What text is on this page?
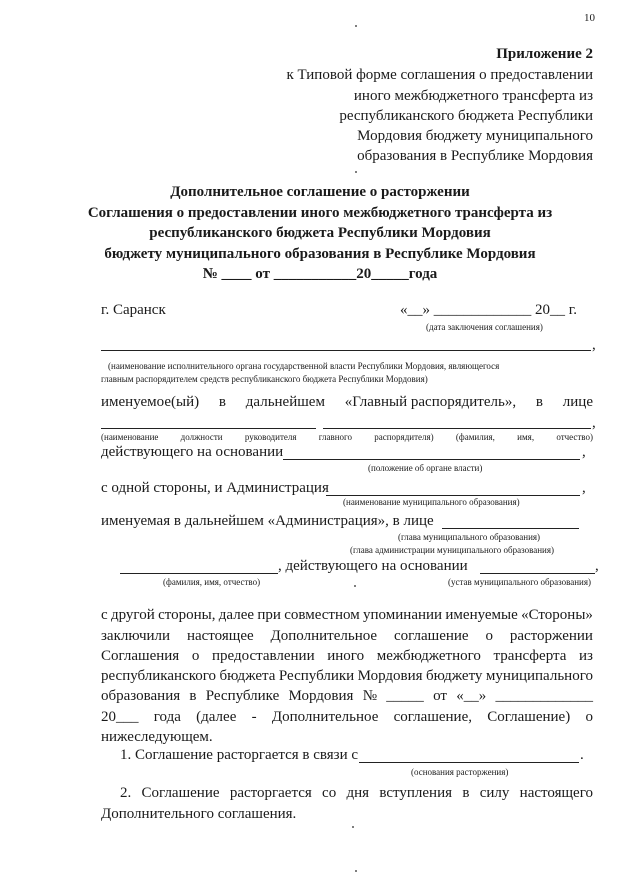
10
Приложение 2
к Типовой форме соглашения о предоставлении
иного межбюджетного трансферта из
республиканского бюджета Республики
Мордовия бюджету муниципального
образования в Республике Мордовия
Дополнительное соглашение о расторжении
Соглашения о предоставлении иного межбюджетного трансферта из
республиканского бюджета Республики Мордовия
бюджету муниципального образования в Республике Мордовия
№ ____ от ___________20_____года
г. Саранск	«__» _____________ 20__ г.
(дата заключения соглашения)
,
(наименование исполнительного органа государственной власти Республики Мордовия, являющегося
главным распорядителем средств республиканского бюджета Республики Мордовия)
именуемое(ый) в дальнейшем «Главный распорядитель», в лице
,
(наименование должности руководителя главного распорядителя) (фамилия, имя, отчество)
действующего на основании	,
(положение об органе власти)
с одной стороны, и Администрация	,
(наименование муниципального образования)
именуемая в дальнейшем «Администрация», в лице
(глава муниципального образования)
(глава администрации муниципального образования)
, действующего на основании	,
(фамилия, имя, отчество)	(устав муниципального образования)
с другой стороны, далее при совместном упоминании именуемые «Стороны»
заключили настоящее Дополнительное соглашение о расторжении
Соглашения о предоставлении иного межбюджетного трансферта из
республиканского бюджета Республики Мордовия бюджету муниципального
образования в Республике Мордовия № _____ от «__» _____________
20___ года (далее - Дополнительное соглашение, Соглашение) о
нижеследующем.
1. Соглашение расторгается в связи с	.
(основания расторжения)
2. Соглашение расторгается со дня вступления в силу настоящего
Дополнительного соглашения.
